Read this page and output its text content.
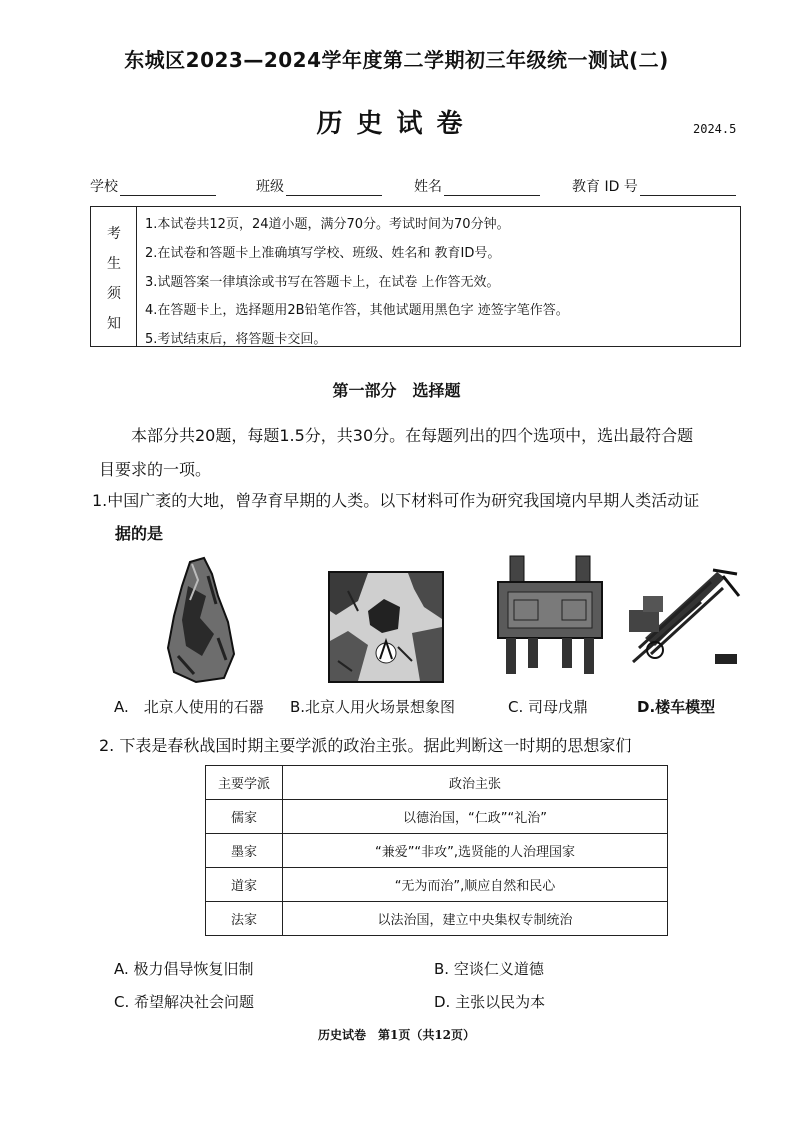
东城区2023—2024学年度第二学期初三年级统一测试(二)
历史试卷	2024.5
学校	班级	姓名	教育 ID 号
考
生
须
知
1.本试卷共12页，24道小题，满分70分。考试时间为70分钟。
2.在试卷和答题卡上准确填写学校、班级、姓名和 教育ID号。
3.试题答案一律填涂或书写在答题卡上，在试卷 上作答无效。
4.在答题卡上，选择题用2B铅笔作答，其他试题用黑色字 迹签字笔作答。
5.考试结束后，将答题卡交回。
第一部分　选择题
本部分共20题，每题1.5分，共30分。在每题列出的四个选项中，选出最符合题
目要求的一项。
1.中国广袤的大地，曾孕育早期的人类。以下材料可作为研究我国境内早期人类活动证
据的是
A.　北京人使用的石器 B.北京人用火场景想象图	C. 司母戊鼎	D.楼车模型
2. 下表是春秋战国时期主要学派的政治主张。据此判断这一时期的思想家们
主要学派	政治主张
儒家	以德治国，“仁政”“礼治”
墨家	“兼爱”“非攻”,选贤能的人治理国家
道家	“无为而治”,顺应自然和民心
法家	以法治国，建立中央集权专制统治
A. 极力倡导恢复旧制	B. 空谈仁义道德
C. 希望解决社会问题	D. 主张以民为本
历史试卷　第1页（共12页）
